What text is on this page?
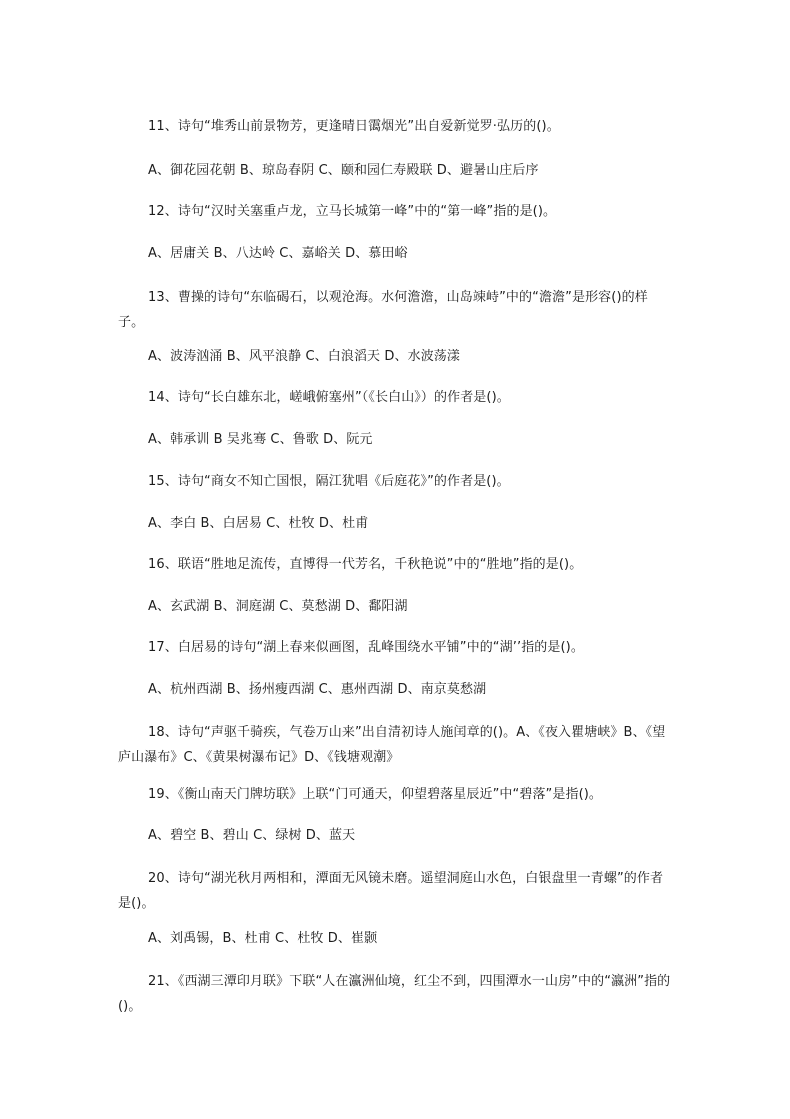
11、诗句“堆秀山前景物芳，更逢晴日霭烟光”出自爱新觉罗·弘历的()。
A、御花园花朝 B、琼岛春阴 C、颐和园仁寿殿联 D、避暑山庄后序
12、诗句“汉时关塞重卢龙，立马长城第一峰”中的“第一峰”指的是()。
A、居庸关 B、八达岭 C、嘉峪关 D、慕田峪
13、曹操的诗句“东临碣石，以观沧海。水何澹澹，山岛竦峙”中的“澹澹”是形容()的样子。
A、波涛汹涌 B、风平浪静 C、白浪滔天 D、水波荡漾
14、诗句“长白雄东北，嵯峨俯塞州”（《长白山》）的作者是()。
A、韩承训 B 吴兆骞 C、鲁歌 D、阮元
15、诗句“商女不知亡国恨，隔江犹唱《后庭花》”的作者是()。
A、李白 B、白居易 C、杜牧 D、杜甫
16、联语“胜地足流传，直博得一代芳名，千秋艳说”中的“胜地”指的是()。
A、玄武湖 B、洞庭湖 C、莫愁湖 D、鄱阳湖
17、白居易的诗句“湖上春来似画图，乱峰围绕水平铺”中的“湖’’指的是()。
A、杭州西湖 B、扬州瘦西湖 C、惠州西湖 D、南京莫愁湖
18、诗句“声驱千骑疾，气卷万山来”出自清初诗人施闰章的()。A、《夜入瞿塘峡》B、《望庐山瀑布》C、《黄果树瀑布记》D、《钱塘观潮》
19、《衡山南天门牌坊联》上联“门可通天，仰望碧落星辰近”中“碧落”是指()。
A、碧空 B、碧山 C、绿树 D、蓝天
20、诗句“湖光秋月两相和，潭面无风镜未磨。遥望洞庭山水色，白银盘里一青螺”的作者是()。
A、刘禹锡，B、杜甫 C、杜牧 D、崔颢
21、《西湖三潭印月联》下联“人在瀛洲仙境，红尘不到，四围潭水一山房”中的“瀛洲”指的()。
